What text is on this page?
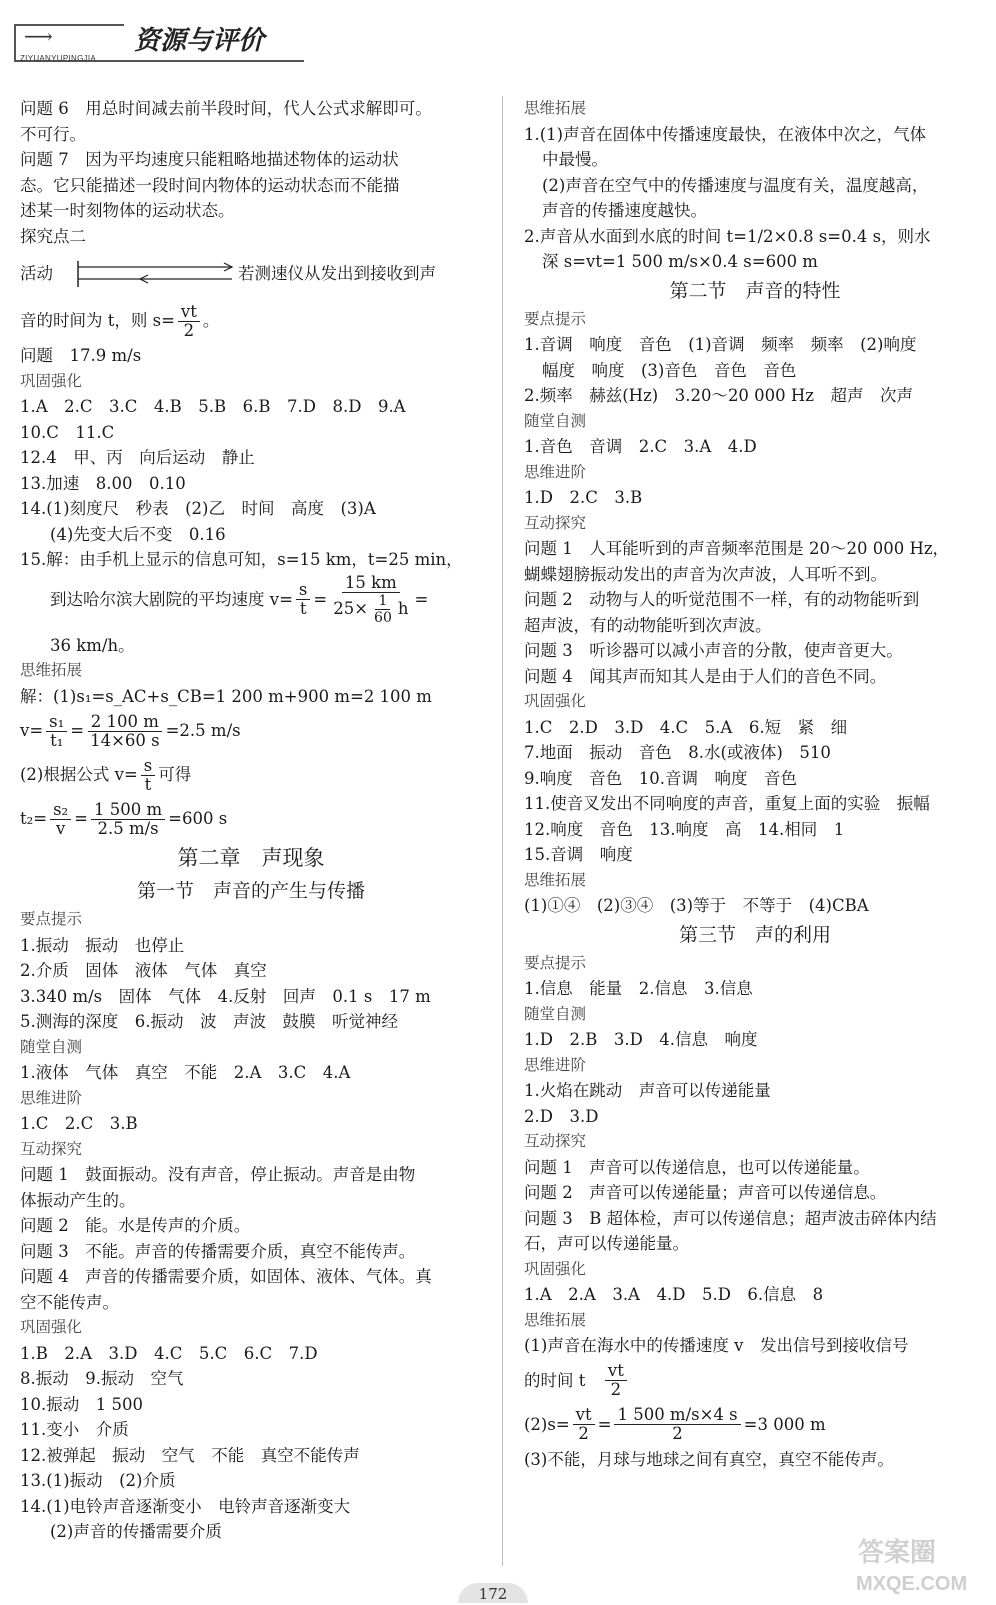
⟶
ZIYUANYUPINGJIA
资源与评价
问题 6　用总时间减去前半段时间，代人公式求解即可。
不可行。
问题 7　因为平均速度只能粗略地描述物体的运动状
态。它只能描述一段时间内物体的运动状态而不能描
述某一时刻物体的运动状态。
探究点二
活动	若测速仪从发出到接收到声
音的时间为 t，则 $s= \frac{vt}{2}$ 。
问题　17.9 m/s
巩固强化
1.A　2.C　3.C　4.B　5.B　6.B　7.D　8.D　9.A
10.C　11.C
12.4　甲、丙　向后运动　静止
13.加速　8.00　0.10
14.(1)刻度尺　秒表　(2)乙　时间　高度　(3)A
(4)先变大后不变　0.16
15.解：由手机上显示的信息可知，s=15 km，t=25 min，
到达哈尔滨大剧院的平均速度 $v= \frac{s}{t} = \frac{15 km}{25\times \frac{1}{60} h}$ =
36 km/h。
思维拓展
解：(1)s₁=s_AC+s_CB=1 200 m+900 m=2 100 m
$v= \frac{\text{s₁}}{\text{t₁}} = \frac{2 100 m}{14\times 60 s} =2.5$ m/s
(2)根据公式 $v= \frac{s}{t}$ 可得
$t_2= \frac{\text{s₂}}{v} = \frac{1 500 m}{2.5 m/s} =600$ s
第二章　声现象
第一节　声音的产生与传播
要点提示
1.振动　振动　也停止
2.介质　固体　液体　气体　真空
3.340 m/s　固体　气体　4.反射　回声　0.1 s　17 m
5.测海的深度　6.振动　波　声波　鼓膜　听觉神经
随堂自测
1.液体　气体　真空　不能　2.A　3.C　4.A
思维进阶
1.C　2.C　3.B
互动探究
问题 1　鼓面振动。没有声音，停止振动。声音是由物
体振动产生的。
问题 2　能。水是传声的介质。
问题 3　不能。声音的传播需要介质，真空不能传声。
问题 4　声音的传播需要介质，如固体、液体、气体。真
空不能传声。
巩固强化
1.B　2.A　3.D　4.C　5.C　6.C　7.D
8.振动　9.振动　空气
10.振动　1 500
11.变小　介质
12.被弹起　振动　空气　不能　真空不能传声
13.(1)振动　(2)介质
14.(1)电铃声音逐渐变小　电铃声音逐渐变大
(2)声音的传播需要介质
思维拓展
1.(1)声音在固体中传播速度最快，在液体中次之，气体
中最慢。
(2)声音在空气中的传播速度与温度有关，温度越高，
声音的传播速度越快。
2.声音从水面到水底的时间 t=1/2×0.8 s=0.4 s，则水
深 s=vt=1 500 m/s×0.4 s=600 m
第二节　声音的特性
要点提示
1.音调　响度　音色　(1)音调　频率　频率　(2)响度
幅度　响度　(3)音色　音色　音色
2.频率　赫兹(Hz)　3.20～20 000 Hz　超声　次声
随堂自测
1.音色　音调　2.C　3.A　4.D
思维进阶
1.D　2.C　3.B
互动探究
问题 1　人耳能听到的声音频率范围是 20～20 000 Hz，
蝴蝶翅膀振动发出的声音为次声波，人耳听不到。
问题 2　动物与人的听觉范围不一样，有的动物能听到
超声波，有的动物能听到次声波。
问题 3　听诊器可以减小声音的分散，使声音更大。
问题 4　闻其声而知其人是由于人们的音色不同。
巩固强化
1.C　2.D　3.D　4.C　5.A　6.短　紧　细
7.地面　振动　音色　8.水(或液体)　510
9.响度　音色　10.音调　响度　音色
11.使音叉发出不同响度的声音，重复上面的实验　振幅
12.响度　音色　13.响度　高　14.相同　1
15.音调　响度
思维拓展
(1)①④　(2)③④　(3)等于　不等于　(4)CBA
第三节　声的利用
要点提示
1.信息　能量　2.信息　3.信息
随堂自测
1.D　2.B　3.D　4.信息　响度
思维进阶
1.火焰在跳动　声音可以传递能量
2.D　3.D
互动探究
问题 1　声音可以传递信息，也可以传递能量。
问题 2　声音可以传递能量；声音可以传递信息。
问题 3　B 超体检，声可以传递信息；超声波击碎体内结
石，声可以传递能量。
巩固强化
1.A　2.A　3.A　4.D　5.D　6.信息　8
思维拓展
(1)声音在海水中的传播速度 v　发出信号到接收信号
的时间 t　 $\frac{vt}{2}$
$(2)s= \frac{vt}{2} = \frac{1 500 m/s\times 4 s}{2} =3$ 000 m
(3)不能，月球与地球之间有真空，真空不能传声。
172
答案圈
MXQE.COM
